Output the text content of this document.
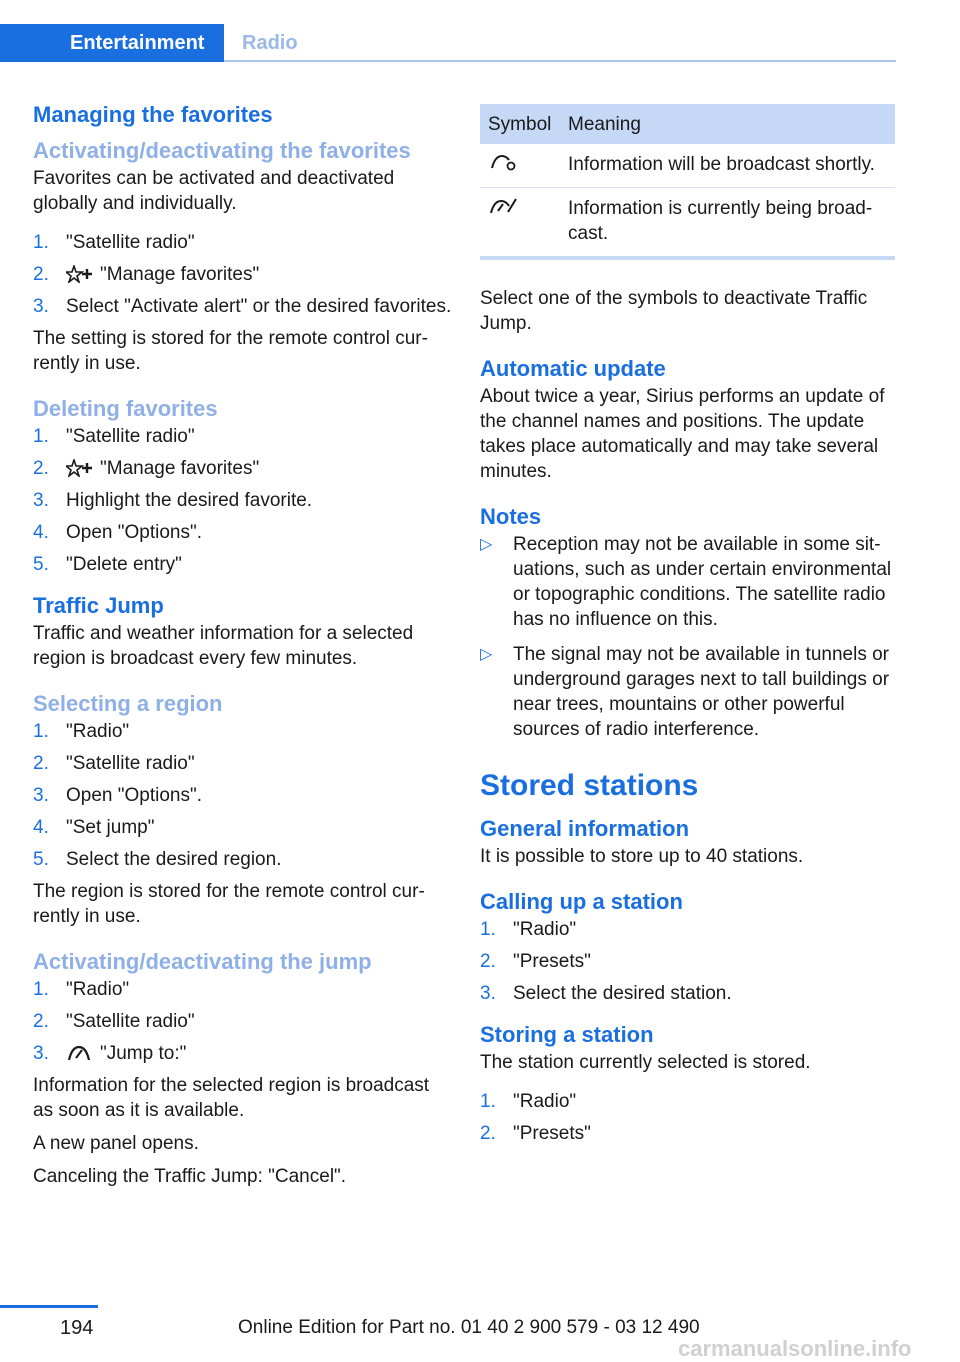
Entertainment	Radio
Managing the favorites
Activating/deactivating the favorites

Favorites can be activated and deactivated globally and individually.

1. "Satellite radio"
2.	"Manage favorites"
3. Select "Activate alert" or the desired favorites.

The setting is stored for the remote control currently in use.

Deleting favorites
1. "Satellite radio"
2.	"Manage favorites"
3. Highlight the desired favorite.
4. Open "Options".
5. "Delete entry"
Traffic Jump

Traffic and weather information for a selected region is broadcast every few minutes.

Selecting a region
1. "Radio"
2. "Satellite radio"
3. Open "Options".
4. "Set jump"
5. Select the desired region.

The region is stored for the remote control currently in use.

Activating/deactivating the jump
1. "Radio"
2. "Satellite radio"
3.	"Jump to:"

Information for the selected region is broadcast as soon as it is available.

A new panel opens.

Canceling the Traffic Jump: "Cancel".

Symbol	Meaning
	Information will be broadcast shortly.
	Information is currently being broadcast.

Select one of the symbols to deactivate Traffic Jump.

Automatic update

About twice a year, Sirius performs an update of the channel names and positions. The update takes place automatically and may take several minutes.

Notes
▷ Reception may not be available in some situations, such as under certain environmental or topographic conditions. The satellite radio has no influence on this.
▷ The signal may not be available in tunnels or underground garages next to tall buildings or near trees, mountains or other powerful sources of radio interference.
Stored stations
General information

It is possible to store up to 40 stations.

Calling up a station
1. "Radio"
2. "Presets"
3. Select the desired station.
Storing a station

The station currently selected is stored.

1. "Radio"
2. "Presets"
194	Online Edition for Part no. 01 40 2 900 579 - 03 12 490
carmanualsonline.info
